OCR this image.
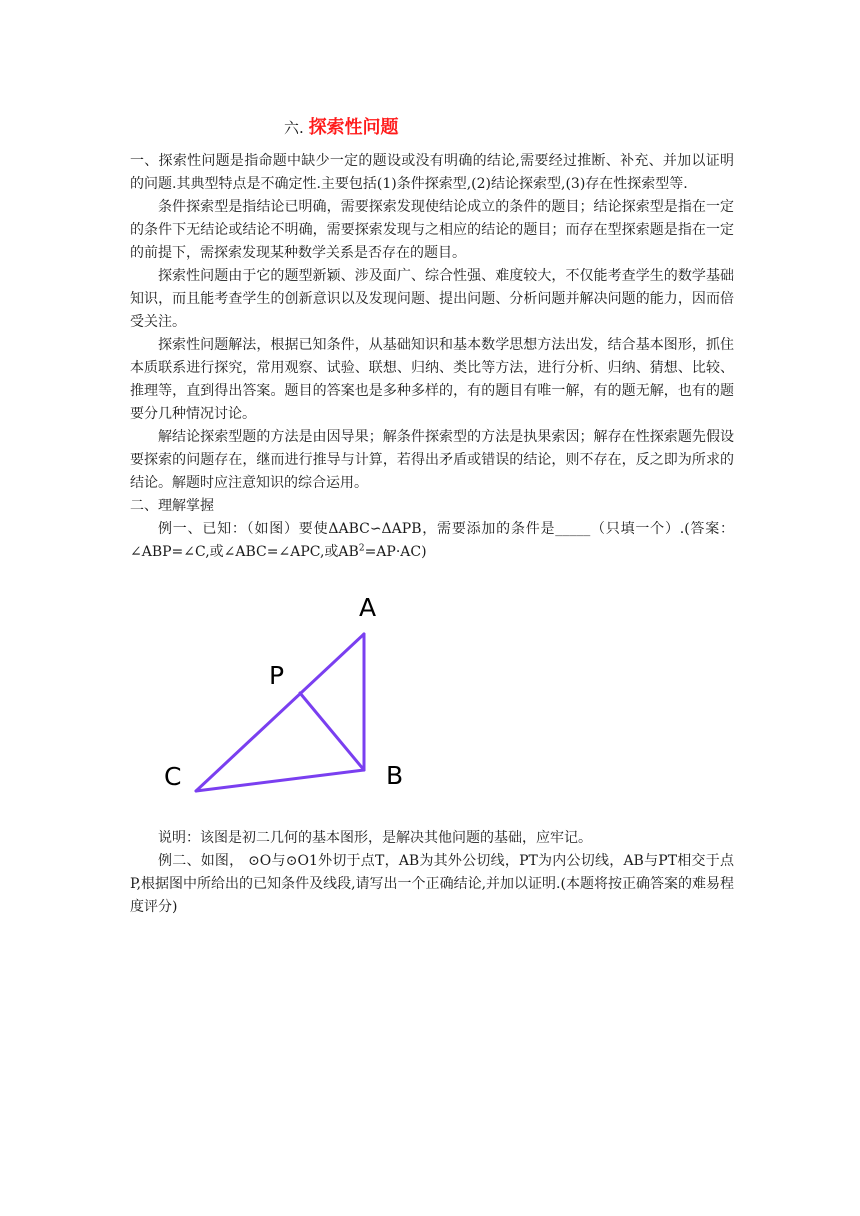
六. 探索性问题

一、探索性问题是指命题中缺少一定的题设或没有明确的结论,需要经过推断、补充、并加以证明的问题.其典型特点是不确定性.主要包括(1)条件探索型,(2)结论探索型,(3)存在性探索型等.

条件探索型是指结论已明确，需要探索发现使结论成立的条件的题目；结论探索型是指在一定的条件下无结论或结论不明确，需要探索发现与之相应的结论的题目；而存在型探索题是指在一定的前提下，需探索发现某种数学关系是否存在的题目。

探索性问题由于它的题型新颖、涉及面广、综合性强、难度较大，不仅能考查学生的数学基础知识，而且能考查学生的创新意识以及发现问题、提出问题、分析问题并解决问题的能力，因而倍受关注。

探索性问题解法，根据已知条件，从基础知识和基本数学思想方法出发，结合基本图形，抓住本质联系进行探究，常用观察、试验、联想、归纳、类比等方法，进行分析、归纳、猜想、比较、推理等，直到得出答案。题目的答案也是多种多样的，有的题目有唯一解，有的题无解，也有的题要分几种情况讨论。

解结论探索型题的方法是由因导果；解条件探索型的方法是执果索因；解存在性探索题先假设要探索的问题存在，继而进行推导与计算，若得出矛盾或错误的结论，则不存在，反之即为所求的结论。解题时应注意知识的综合运用。

二、理解掌握

例一、已知：（如图）要使ΔABC∽ΔAPB，需要添加的条件是_____（只填一个）.(答案：∠ABP=∠C,或∠ABC=∠APC,或$AB^2=AP\cdot AC$)

A
P
C	B

说明：该图是初二几何的基本图形，是解决其他问题的基础，应牢记。

例二、如图， ⊙O与⊙O1外切于点T，AB为其外公切线，PT为内公切线，AB与PT相交于点P,根据图中所给出的已知条件及线段,请写出一个正确结论,并加以证明.(本题将按正确答案的难易程度评分)
